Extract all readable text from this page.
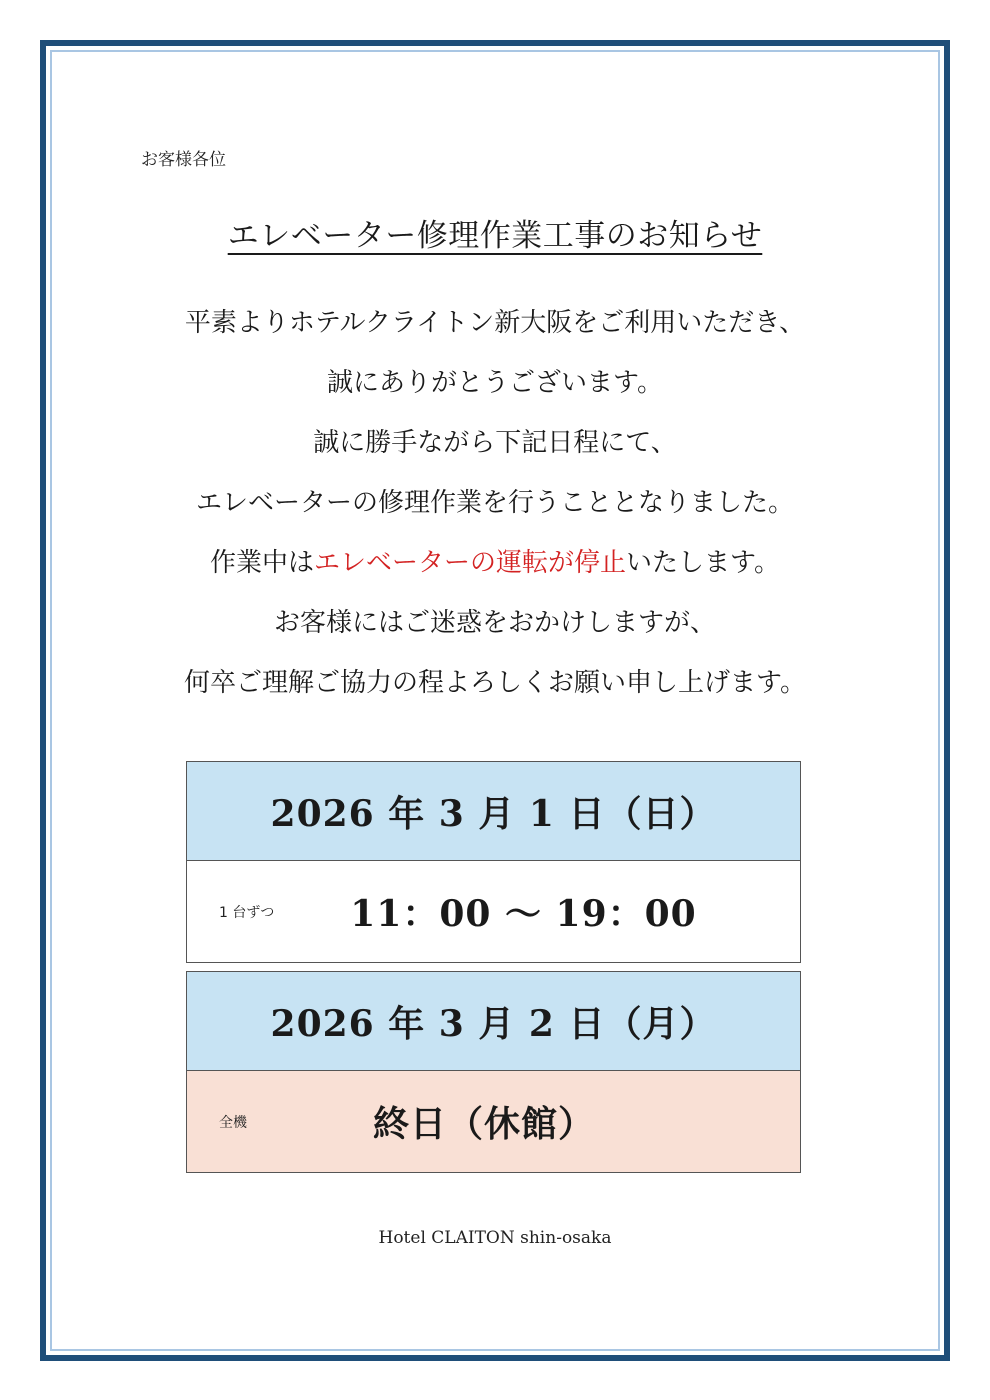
お客様各位
エレベーター修理作業工事のお知らせ
平素よりホテルクライトン新大阪をご利用いただき、
誠にありがとうございます。
誠に勝手ながら下記日程にて、
エレベーターの修理作業を行うこととなりました。
作業中はエレベーターの運転が停止いたします。
お客様にはご迷惑をおかけしますが、
何卒ご理解ご協力の程よろしくお願い申し上げます。
2026 年 3 月 1 日（日）
1 台ずつ	11：00 ～ 19：00
2026 年 3 月 2 日（月）
全機	終日（休館）
Hotel CLAITON shin-osaka
